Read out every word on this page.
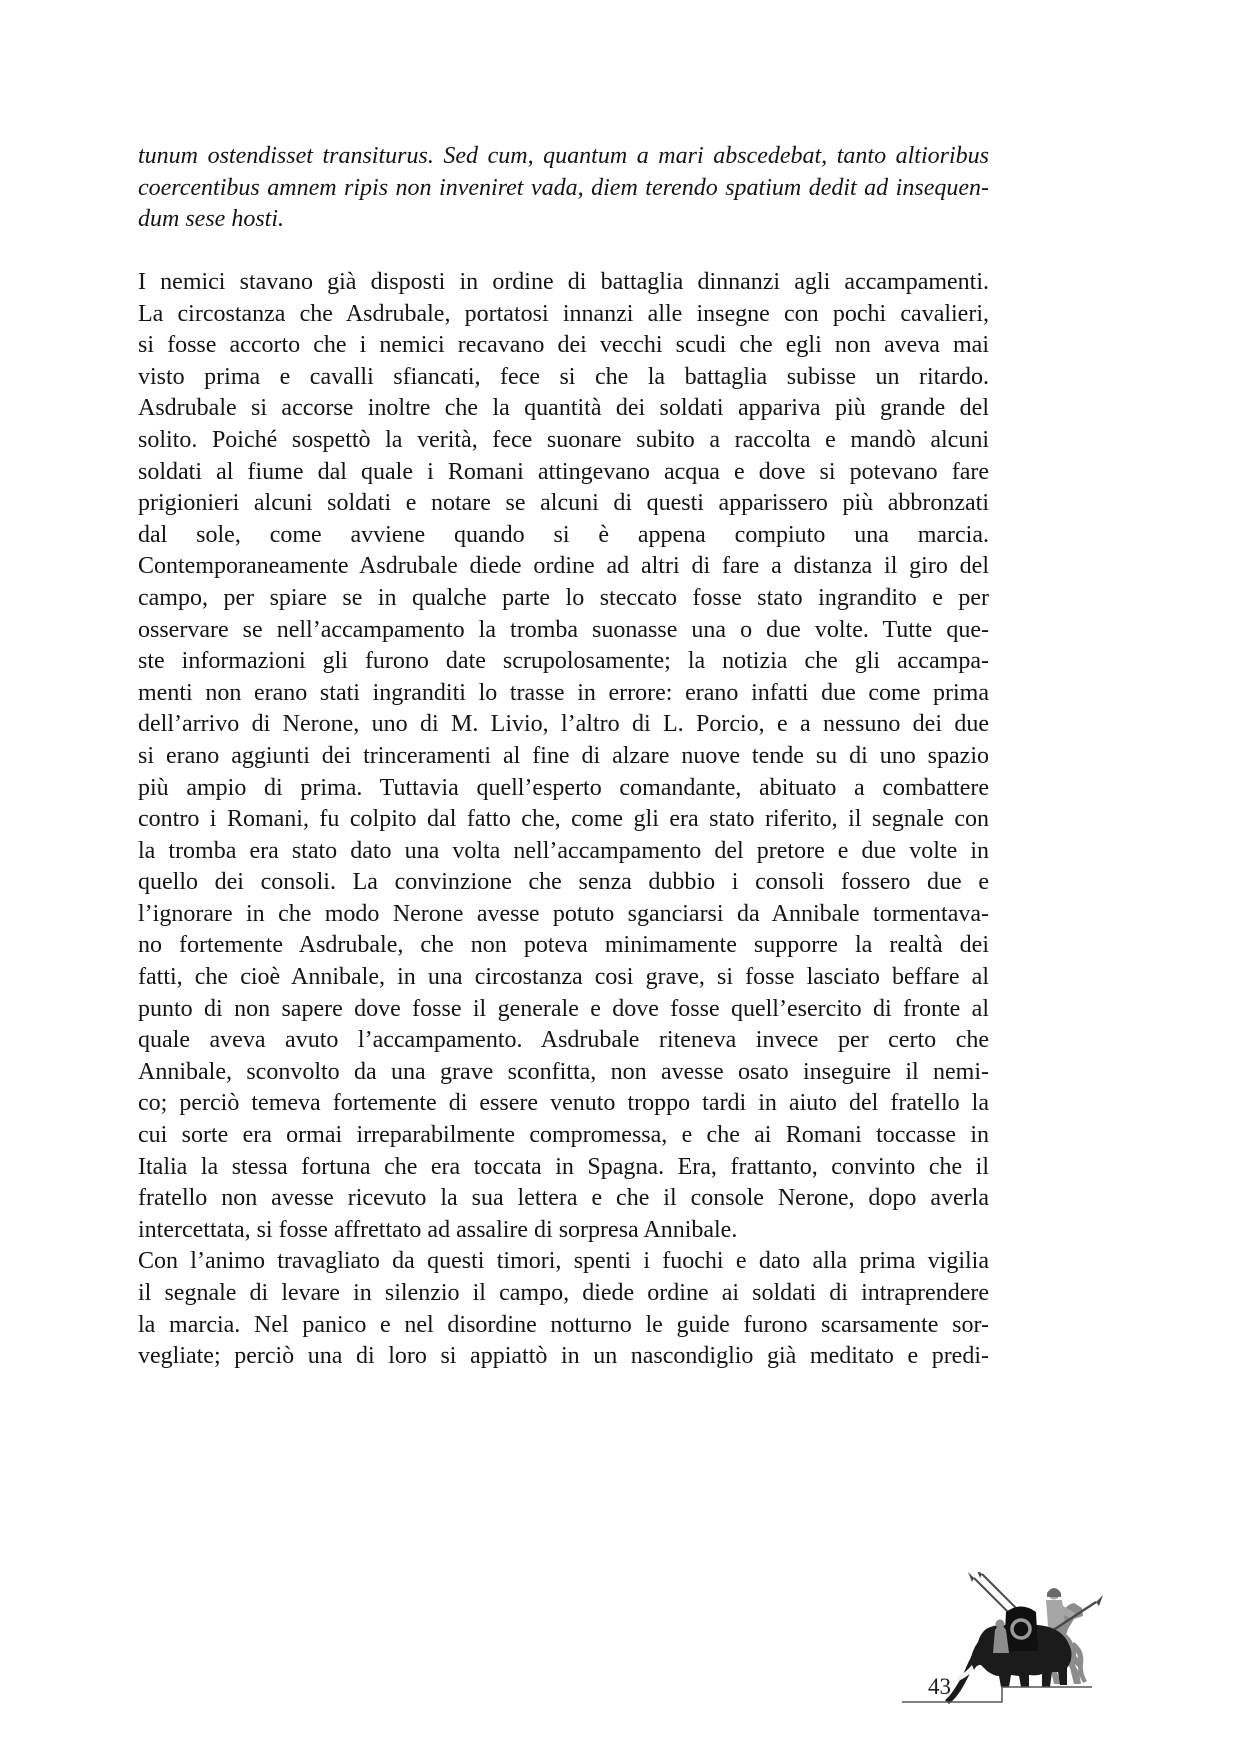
tunum ostendisset transiturus. Sed cum, quantum a mari abscedebat, tanto altioribus
coercentibus amnem ripis non inveniret vada, diem terendo spatium dedit ad insequen-
dum sese hosti.
I nemici stavano già disposti in ordine di battaglia dinnanzi agli accampamenti.
La circostanza che Asdrubale, portatosi innanzi alle insegne con pochi cavalieri,
si fosse accorto che i nemici recavano dei vecchi scudi che egli non aveva mai
visto prima e cavalli sfiancati, fece si che la battaglia subisse un ritardo.
Asdrubale si accorse inoltre che la quantità dei soldati appariva più grande del
solito. Poiché sospettò la verità, fece suonare subito a raccolta e mandò alcuni
soldati al fiume dal quale i Romani attingevano acqua e dove si potevano fare
prigionieri alcuni soldati e notare se alcuni di questi apparissero più abbronzati
dal sole, come avviene quando si è appena compiuto una marcia.
Contemporaneamente Asdrubale diede ordine ad altri di fare a distanza il giro del
campo, per spiare se in qualche parte lo steccato fosse stato ingrandito e per
osservare se nell’accampamento la tromba suonasse una o due volte. Tutte que-
ste informazioni gli furono date scrupolosamente; la notizia che gli accampa-
menti non erano stati ingranditi lo trasse in errore: erano infatti due come prima
dell’arrivo di Nerone, uno di M. Livio, l’altro di L. Porcio, e a nessuno dei due
si erano aggiunti dei trinceramenti al fine di alzare nuove tende su di uno spazio
più ampio di prima. Tuttavia quell’esperto comandante, abituato a combattere
contro i Romani, fu colpito dal fatto che, come gli era stato riferito, il segnale con
la tromba era stato dato una volta nell’accampamento del pretore e due volte in
quello dei consoli. La convinzione che senza dubbio i consoli fossero due e
l’ignorare in che modo Nerone avesse potuto sganciarsi da Annibale tormentava-
no fortemente Asdrubale, che non poteva minimamente supporre la realtà dei
fatti, che cioè Annibale, in una circostanza cosi grave, si fosse lasciato beffare al
punto di non sapere dove fosse il generale e dove fosse quell’esercito di fronte al
quale aveva avuto l’accampamento. Asdrubale riteneva invece per certo che
Annibale, sconvolto da una grave sconfitta, non avesse osato inseguire il nemi-
co; perciò temeva fortemente di essere venuto troppo tardi in aiuto del fratello la
cui sorte era ormai irreparabilmente compromessa, e che ai Romani toccasse in
Italia la stessa fortuna che era toccata in Spagna. Era, frattanto, convinto che il
fratello non avesse ricevuto la sua lettera e che il console Nerone, dopo averla
intercettata, si fosse affrettato ad assalire di sorpresa Annibale.
Con l’animo travagliato da questi timori, spenti i fuochi e dato alla prima vigilia
il segnale di levare in silenzio il campo, diede ordine ai soldati di intraprendere
la marcia. Nel panico e nel disordine notturno le guide furono scarsamente sor-
vegliate; perciò una di loro si appiattò in un nascondiglio già meditato e predi-
43
